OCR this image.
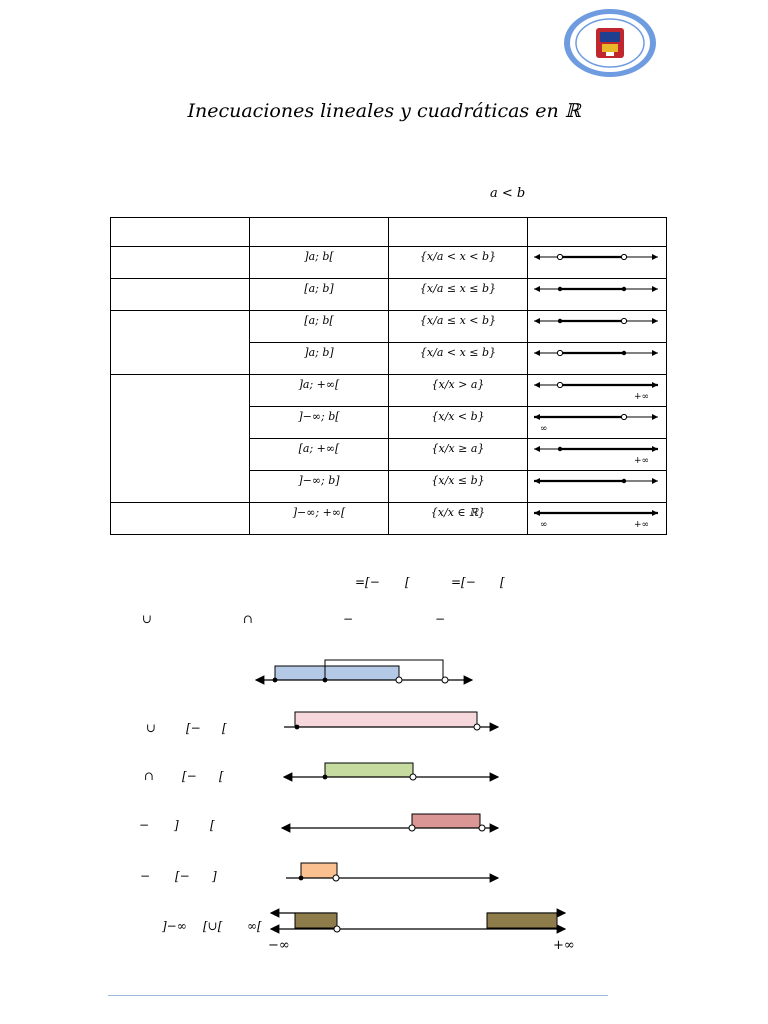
Inecuaciones lineales y cuadráticas en ℝ
a < b

	]a; b[	{x/a < x < b}

	[a; b]	{x/a ≤ x ≤ b}

	[a; b[	{x/a ≤ x < b}

	]a; b]	{x/a < x ≤ b}

	]a; +∞[	{x/x > a}	+∞

	]−∞; b[	{x/x < b}	∞

	[a; +∞[	{x/x ≥ a}	+∞

	]−∞; b]	{x/x ≤ b}

	]−∞; +∞[	{x/x ∈ ℝ}	∞ +∞
=[− [	=[− [
∪	∩	−	−
∪ [− [
∩ [− [
− ]	[
− [− ]
]−∞ [∪[ ∞[
−∞	+∞
